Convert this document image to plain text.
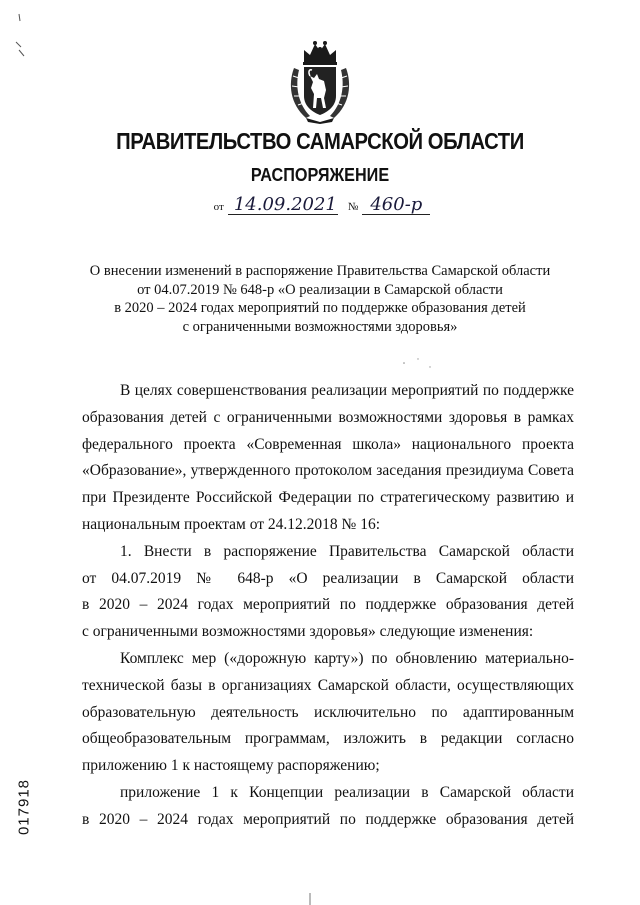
ПРАВИТЕЛЬСТВО САМАРСКОЙ ОБЛАСТИ
РАСПОРЯЖЕНИЕ
от 14.09.2021 № 460-р
О внесении изменений в распоряжение Правительства Самарской области
от 04.07.2019 № 648-р «О реализации в Самарской области
в 2020 – 2024 годах мероприятий по поддержке образования детей
с ограниченными возможностями здоровья»
В целях совершенствования реализации мероприятий по поддержке
образования детей с ограниченными возможностями здоровья в рамках
федерального проекта «Современная школа» национального проекта
«Образование», утвержденного протоколом заседания президиума Совета
при Президенте Российской Федерации по стратегическому развитию и
национальным проектам от 24.12.2018 № 16:
1. Внести в распоряжение Правительства Самарской области
от 04.07.2019 № 648-р «О реализации в Самарской области
в 2020 – 2024 годах мероприятий по поддержке образования детей
с ограниченными возможностями здоровья» следующие изменения:
Комплекс мер («дорожную карту») по обновлению материально-
технической базы в организациях Самарской области, осуществляющих
образовательную деятельность исключительно по адаптированным
общеобразовательным программам, изложить в редакции согласно
приложению 1 к настоящему распоряжению;
приложение 1 к Концепции реализации в Самарской области
в 2020 – 2024 годах мероприятий по поддержке образования детей
017918
